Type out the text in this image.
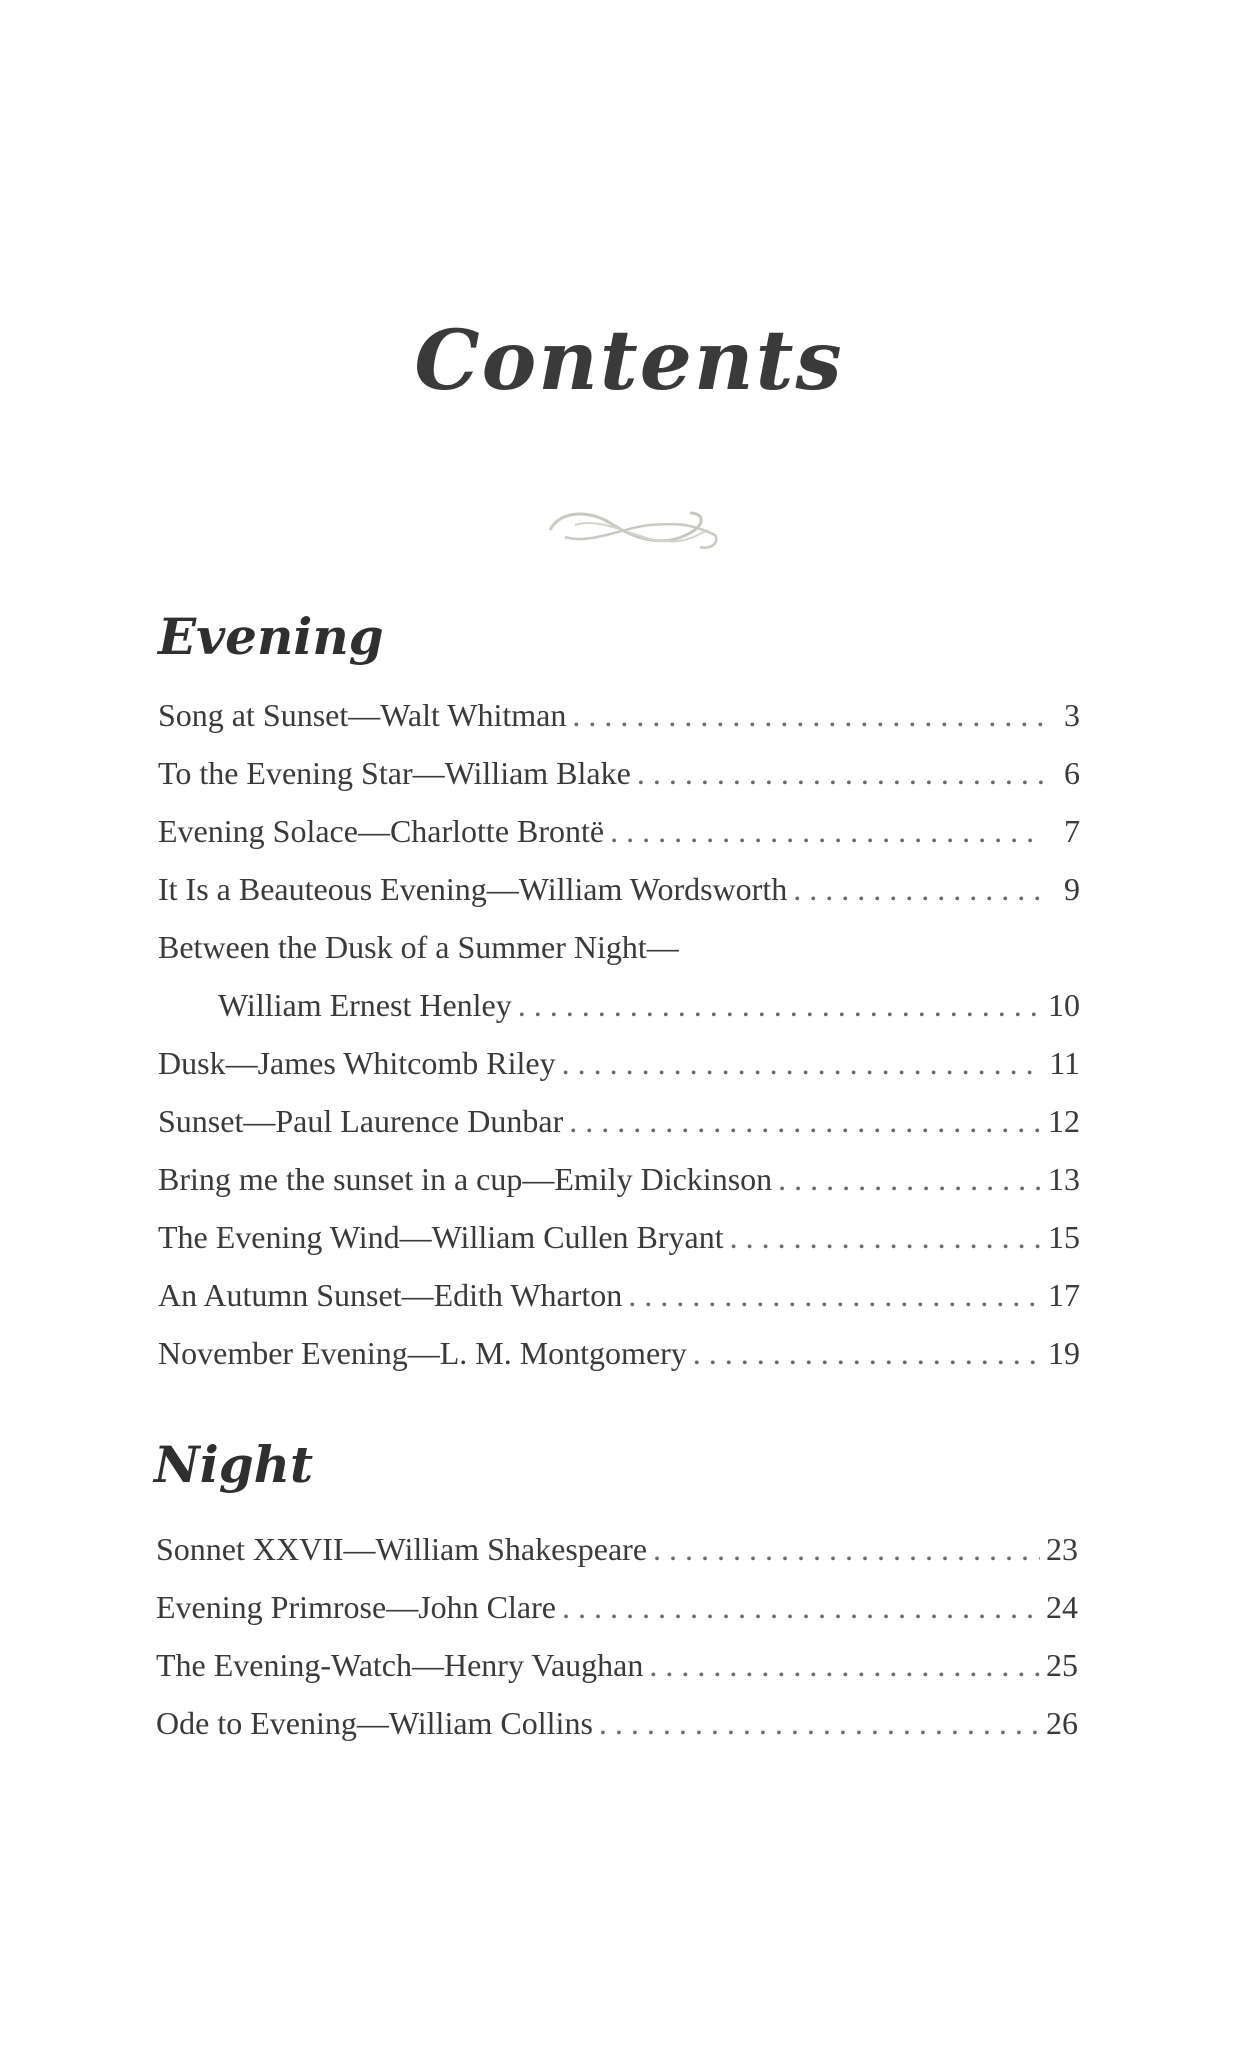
Contents
Evening
Song at Sunset—Walt Whitman . . .	3
To the Evening Star—William Blake . . .	6
Evening Solace—Charlotte Brontë . . .	7
It Is a Beauteous Evening—William Wordsworth . . .	9
Between the Dusk of a Summer Night—
William Ernest Henley . . .	10
Dusk—James Whitcomb Riley . . .	11
Sunset—Paul Laurence Dunbar . . .	12
Bring me the sunset in a cup—Emily Dickinson . . .	13
The Evening Wind—William Cullen Bryant . . .	15
An Autumn Sunset—Edith Wharton . . .	17
November Evening—L. M. Montgomery . . .	19
Night
Sonnet XXVII—William Shakespeare . . .	23
Evening Primrose—John Clare . . .	24
The Evening-Watch—Henry Vaughan . . .	25
Ode to Evening—William Collins . . .	26
